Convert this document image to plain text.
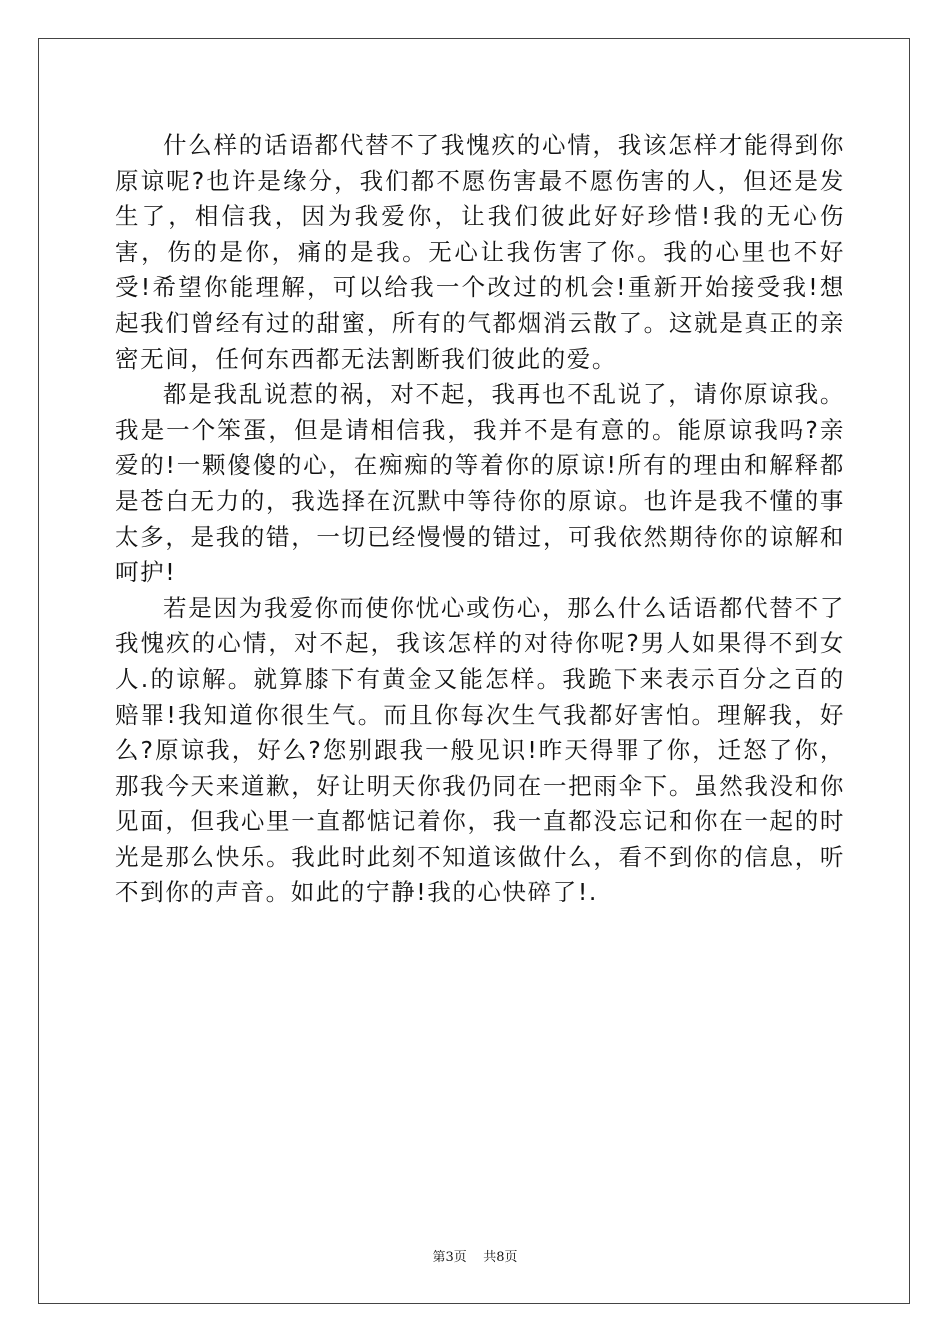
什么样的话语都代替不了我愧疚的心情，我该怎样才能得到你原谅呢?也许是缘分，我们都不愿伤害最不愿伤害的人，但还是发生了，相信我，因为我爱你，让我们彼此好好珍惜!我的无心伤害，伤的是你，痛的是我。无心让我伤害了你。我的心里也不好受!希望你能理解，可以给我一个改过的机会!重新开始接受我!想起我们曾经有过的甜蜜，所有的气都烟消云散了。这就是真正的亲密无间，任何东西都无法割断我们彼此的爱。

都是我乱说惹的祸，对不起，我再也不乱说了，请你原谅我。我是一个笨蛋，但是请相信我，我并不是有意的。能原谅我吗?亲爱的!一颗傻傻的心，在痴痴的等着你的原谅!所有的理由和解释都是苍白无力的，我选择在沉默中等待你的原谅。也许是我不懂的事太多，是我的错，一切已经慢慢的错过，可我依然期待你的谅解和呵护!

若是因为我爱你而使你忧心或伤心，那么什么话语都代替不了我愧疚的心情，对不起，我该怎样的对待你呢?男人如果得不到女人.的谅解。就算膝下有黄金又能怎样。我跪下来表示百分之百的赔罪!我知道你很生气。而且你每次生气我都好害怕。理解我，好么?原谅我，好么?您别跟我一般见识!昨天得罪了你，迁怒了你，那我今天来道歉，好让明天你我仍同在一把雨伞下。虽然我没和你见面，但我心里一直都惦记着你，我一直都没忘记和你在一起的时光是那么快乐。我此时此刻不知道该做什么，看不到你的信息，听不到你的声音。如此的宁静!我的心快碎了!.

第3页    共8页
